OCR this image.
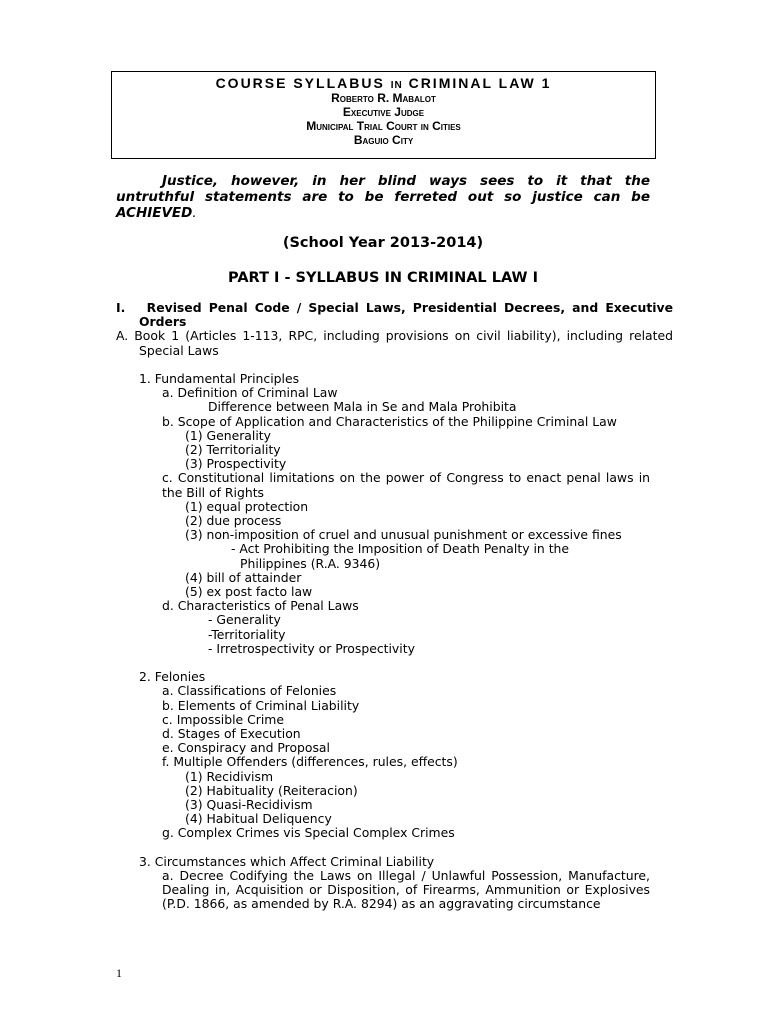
COURSE SYLLABUS IN CRIMINAL LAW 1
Roberto R. Mabalot
Executive Judge
Municipal Trial Court in Cities
Baguio City

Justice, however, in her blind ways sees to it that the untruthful statements are to be ferreted out so justice can be ACHIEVED.

(School Year 2013-2014)
PART I - SYLLABUS IN CRIMINAL LAW I
I.   Revised Penal Code / Special Laws, Presidential Decrees, and Executive Orders
A. Book 1 (Articles 1-113, RPC, including provisions on civil liability), including related Special Laws
1. Fundamental Principles
a. Definition of Criminal Law
Difference between Mala in Se and Mala Prohibita
b. Scope of Application and Characteristics of the Philippine Criminal Law
(1) Generality
(2) Territoriality
(3) Prospectivity
c. Constitutional limitations on the power of Congress to enact penal laws in the Bill of Rights
(1) equal protection
(2) due process
(3) non-imposition of cruel and unusual punishment or excessive fines
- Act Prohibiting the Imposition of Death Penalty in the Philippines (R.A. 9346)
(4) bill of attainder
(5) ex post facto law
d. Characteristics of Penal Laws
- Generality
-Territoriality
- Irretrospectivity or Prospectivity
2. Felonies
a. Classifications of Felonies
b. Elements of Criminal Liability
c. Impossible Crime
d. Stages of Execution
e. Conspiracy and Proposal
f. Multiple Offenders (differences, rules, effects)
(1) Recidivism
(2) Habituality (Reiteracion)
(3) Quasi-Recidivism
(4) Habitual Deliquency
g. Complex Crimes vis Special Complex Crimes
3. Circumstances which Affect Criminal Liability
a. Decree Codifying the Laws on Illegal / Unlawful Possession, Manufacture, Dealing in, Acquisition or Disposition, of Firearms, Ammunition or Explosives (P.D. 1866, as amended by R.A. 8294) as an aggravating circumstance
1
